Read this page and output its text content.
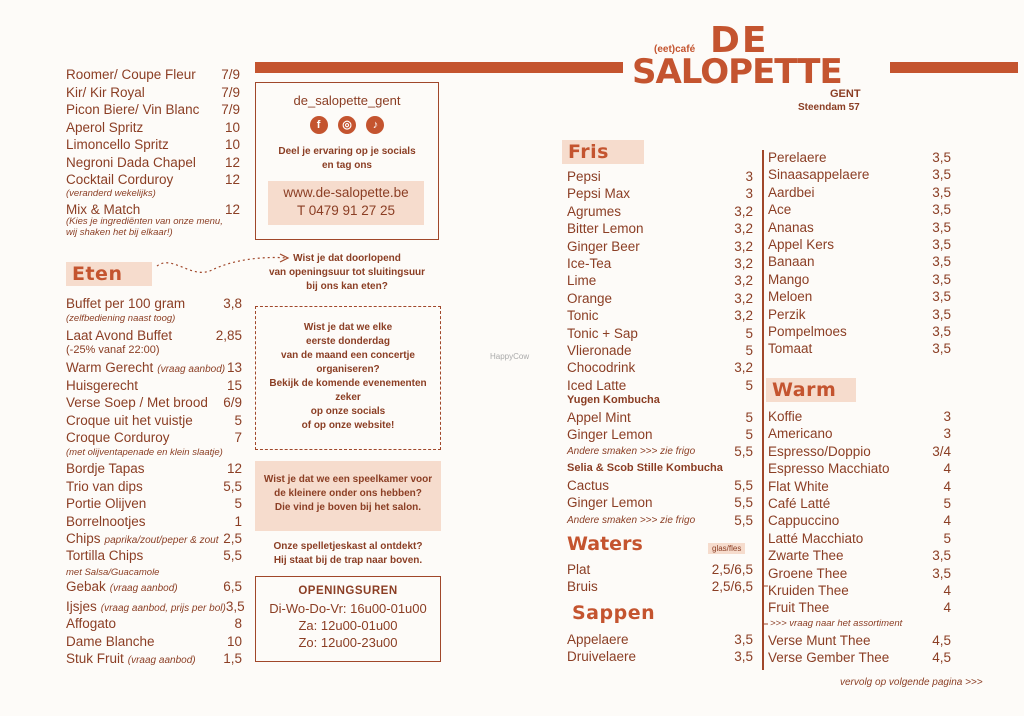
(eet)café DE
SALOPETTE
GENT
Steendam 57
Roomer/ Coupe Fleur 7/9
Kir/ Kir Royal	7/9
Picon Biere/ Vin Blanc 7/9
Aperol Spritz	10
Limoncello Spritz	10
Negroni Dada Chapel 12
Cocktail Corduroy	12
Mix & Match	12
(veranderd wekelijks)
(Kies je ingrediënten van onze menu,
wij shaken het bij elkaar!)
Eten
Buffet per 100 gram	3,8
Laat Avond Buffet	2,85
Warm Gerecht (vraag aanbod) 13
Huisgerecht	15
Verse Soep / Met brood 6/9
Croque uit het vuistje	5
Croque Corduroy	7
Bordje Tapas	12
Trio van dips	5,5
Portie Olijven	5
Borrelnootjes	1
Chips paprika/zout/peper & zout 2,5
Tortilla Chips	5,5
Gebak (vraag aanbod)	6,5
Ijsjes (vraag aanbod, prijs per bol) 3,5
Affogato	8
Dame Blanche	10
Stuk Fruit (vraag aanbod) 1,5
(zelfbediening naast toog)
(-25% vanaf 22:00)
(met olijventapenade en klein slaatje)
met Salsa/Guacamole
de_salopette_gent
f ◎ ♪
Deel je ervaring op je socials
en tag ons
www.de-salopette.be
T 0479 91 27 25
Wist je dat doorlopend
van openingsuur tot sluitingsuur
bij ons kan eten?
Wist je dat we elke
eerste donderdag
van de maand een concertje
organiseren?
Bekijk de komende evenementen
zeker
op onze socials
of op onze website!
Wist je dat we een speelkamer voor
de kleinere onder ons hebben?
Die vind je boven bij het salon.
Onze spelletjeskast al ontdekt?
Hij staat bij de trap naar boven.
OPENINGSUREN
Di-Wo-Do-Vr: 16u00-01u00
Za: 12u00-01u00
Zo: 12u00-23u00
HappyCow
Fris
Pepsi	3
Pepsi Max	3
Agrumes	3,2
Bitter Lemon	3,2
Ginger Beer	3,2
Ice-Tea	3,2
Lime	3,2
Orange	3,2
Tonic	3,2
Tonic + Sap	5
Vlieronade	5
Chocodrink	3,2
Iced Latte	5
Yugen Kombucha
Appel Mint	5
Ginger Lemon	5
Andere smaken >>> zie frigo	5,5
Selia & Scob Stille Kombucha
Cactus	5,5
Ginger Lemon	5,5
Andere smaken >>> zie frigo	5,5
Waters	glas/fles
Plat	2,5/6,5
Bruis	2,5/6,5
Sappen
Appelaere	3,5
Druivelaere	3,5
Perelaere	3,5
Sinaasappelaere	3,5
Aardbei	3,5
Ace	3,5
Ananas	3,5
Appel Kers	3,5
Banaan	3,5
Mango	3,5
Meloen	3,5
Perzik	3,5
Pompelmoes	3,5
Tomaat	3,5
Warm
Koffie	3
Americano	3
Espresso/Doppio	3/4
Espresso Macchiato	4
Flat White	4
Café Latté	5
Cappuccino	4
Latté Macchiato	5
Zwarte Thee	3,5
Groene Thee	3,5
Kruiden Thee	4
Fruit Thee	4
>>> vraag naar het assortiment
Verse Munt Thee	4,5
Verse Gember Thee	4,5
vervolg op volgende pagina >>>
